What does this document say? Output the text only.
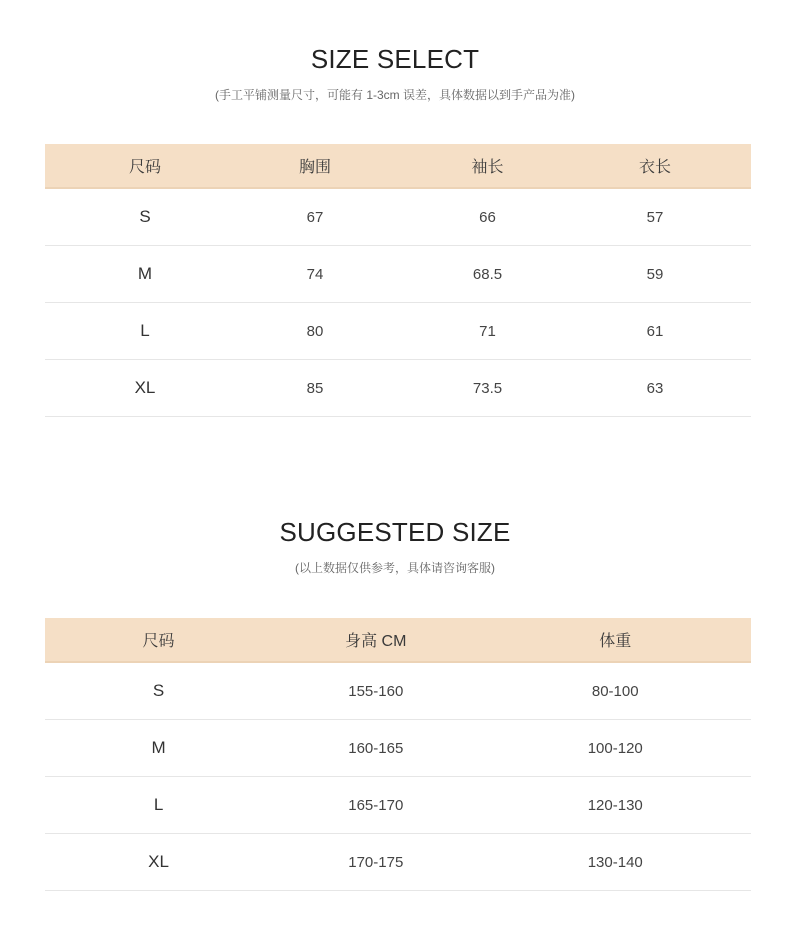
SIZE SELECT

(手工平铺测量尺寸，可能有 1-3cm 误差，具体数据以到手产品为准)

尺码	胸围	袖长	衣长
S	67	66	57
M	74	68.5	59
L	80	71	61
XL	85	73.5	63
SUGGESTED SIZE

(以上数据仅供参考，具体请咨询客服)

尺码	身高 CM	体重
S	155-160	80-100
M	160-165	100-120
L	165-170	120-130
XL	170-175	130-140
